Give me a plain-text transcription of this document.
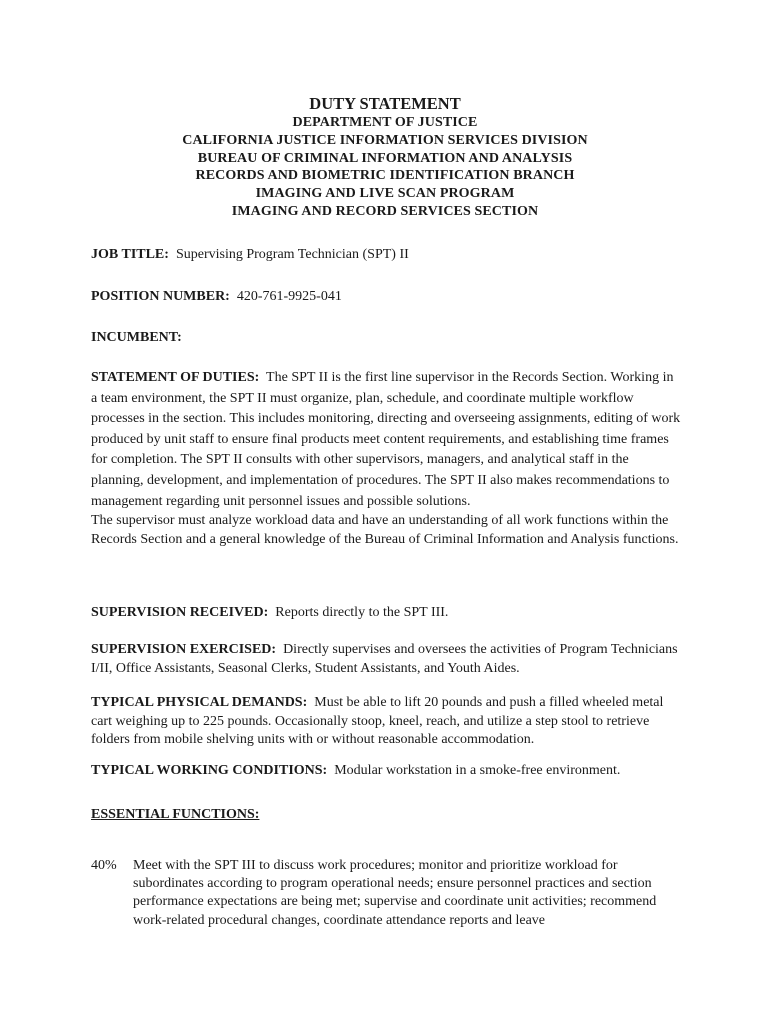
DUTY STATEMENT
DEPARTMENT OF JUSTICE
CALIFORNIA JUSTICE INFORMATION SERVICES DIVISION
BUREAU OF CRIMINAL INFORMATION AND ANALYSIS
RECORDS AND BIOMETRIC IDENTIFICATION BRANCH
IMAGING AND LIVE SCAN PROGRAM
IMAGING AND RECORD SERVICES SECTION
JOB TITLE: Supervising Program Technician (SPT) II
POSITION NUMBER: 420-761-9925-041
INCUMBENT:
STATEMENT OF DUTIES: The SPT II is the first line supervisor in the Records Section. Working in a team environment, the SPT II must organize, plan, schedule, and coordinate multiple workflow processes in the section. This includes monitoring, directing and overseeing assignments, editing of work produced by unit staff to ensure final products meet content requirements, and establishing time frames for completion. The SPT II consults with other supervisors, managers, and analytical staff in the planning, development, and implementation of procedures. The SPT II also makes recommendations to management regarding unit personnel issues and possible solutions.
The supervisor must analyze workload data and have an understanding of all work functions within the Records Section and a general knowledge of the Bureau of Criminal Information and Analysis functions.
SUPERVISION RECEIVED: Reports directly to the SPT III.
SUPERVISION EXERCISED: Directly supervises and oversees the activities of Program Technicians I/II, Office Assistants, Seasonal Clerks, Student Assistants, and Youth Aides.
TYPICAL PHYSICAL DEMANDS: Must be able to lift 20 pounds and push a filled wheeled metal cart weighing up to 225 pounds. Occasionally stoop, kneel, reach, and utilize a step stool to retrieve folders from mobile shelving units with or without reasonable accommodation.
TYPICAL WORKING CONDITIONS: Modular workstation in a smoke-free environment.
ESSENTIAL FUNCTIONS:
40%	Meet with the SPT III to discuss work procedures; monitor and prioritize workload for subordinates according to program operational needs; ensure personnel practices and section performance expectations are being met; supervise and coordinate unit activities; recommend work-related procedural changes, coordinate attendance reports and leave
